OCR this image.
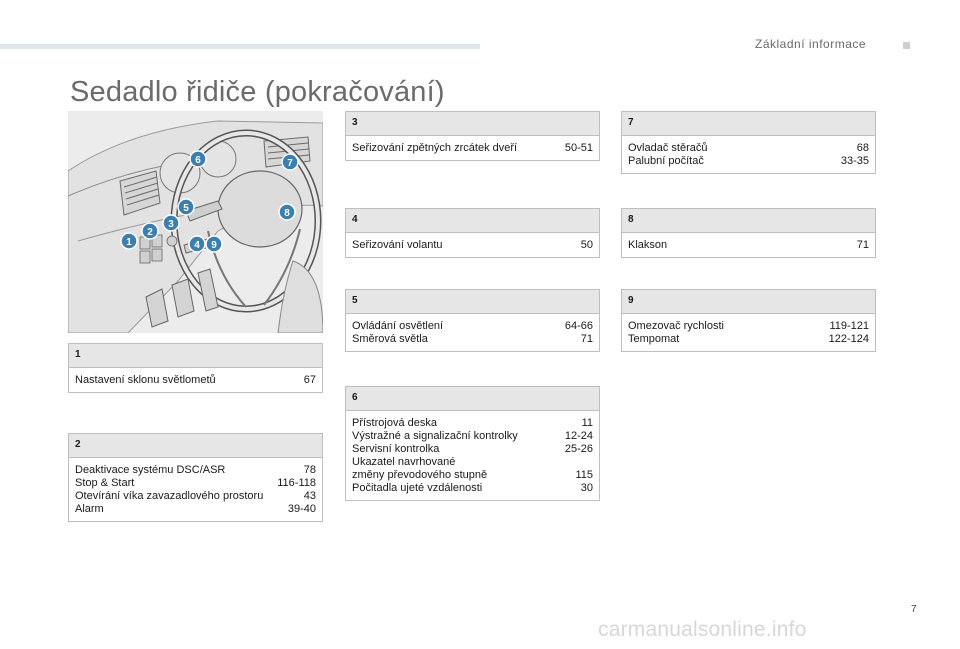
Základní informace
Sedadlo řidiče (pokračování)
1
2
3
4
5
6	7
8
9
1
Nastavení sklonu světlometů	67
2
Deaktivace systému DSC/ASR	78
Stop & Start	116-118
Otevírání víka zavazadlového prostoru	43
Alarm	39-40
3
Seřizování zpětných zrcátek dveří	50-51
4
Seřizování volantu	50
5
Ovládání osvětlení	64-66
Směrová světla	71
6
Přístrojová deska	11
Výstražné a signalizační kontrolky	12-24
Servisní kontrolka	25-26
Ukazatel navrhované
změny převodového stupně	115
Počitadla ujeté vzdálenosti	30
7
Ovladač stěračů	68
Palubní počítač	33-35
8
Klakson	71
9
Omezovač rychlosti	119-121
Tempomat	122-124
7
carmanualsonline.info
